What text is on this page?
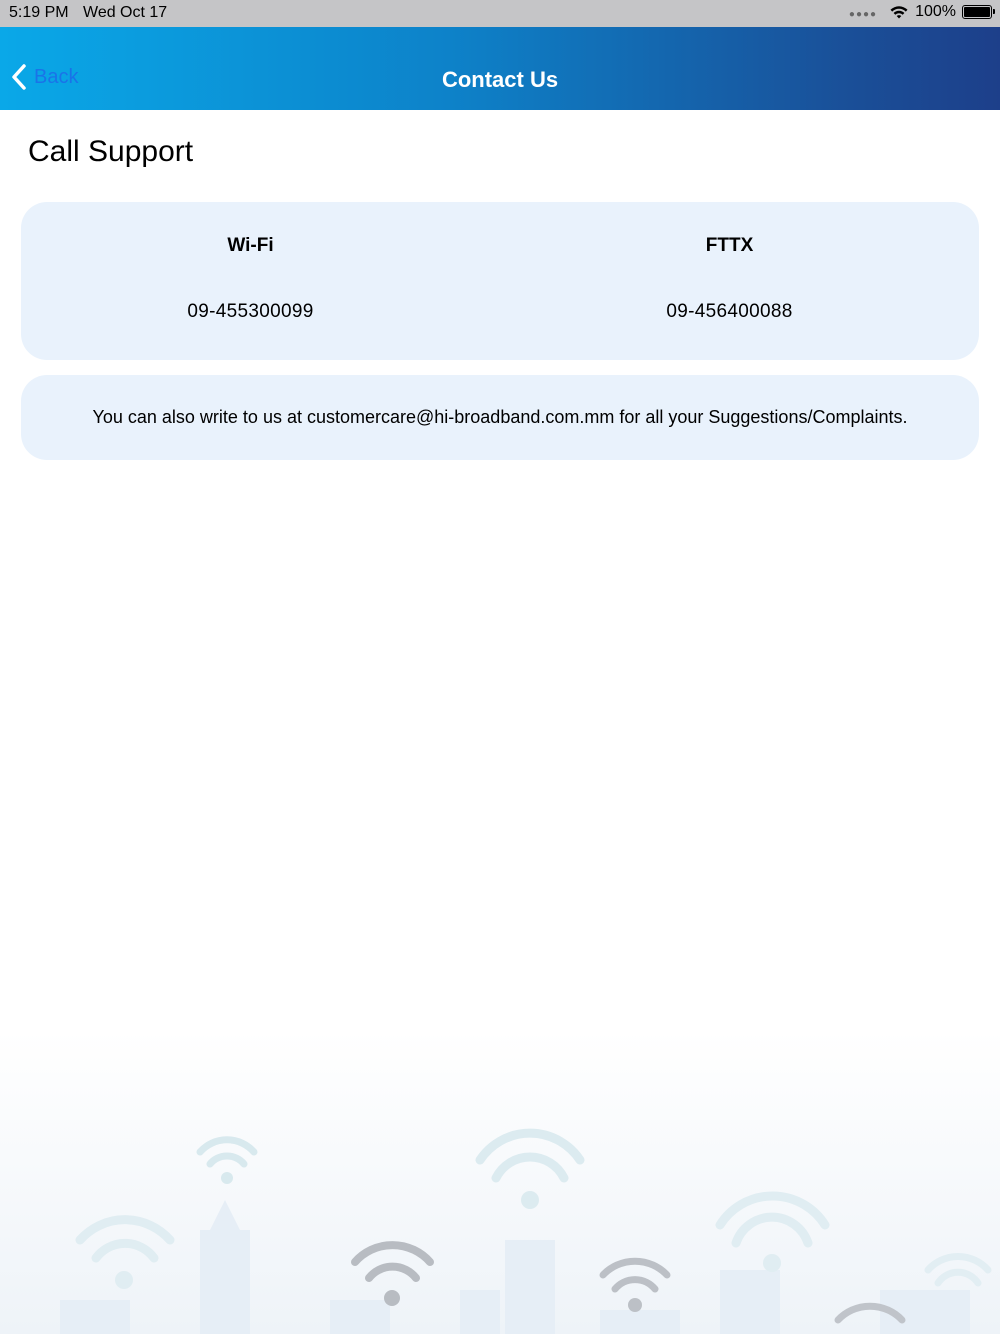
5:19 PM Wed Oct 17	●●●● 100%
Back	Contact Us
Call Support
Wi-Fi
09-455300099
FTTX
09-456400088
You can also write to us at customercare@hi-broadband.com.mm for all your Suggestions/Complaints.
